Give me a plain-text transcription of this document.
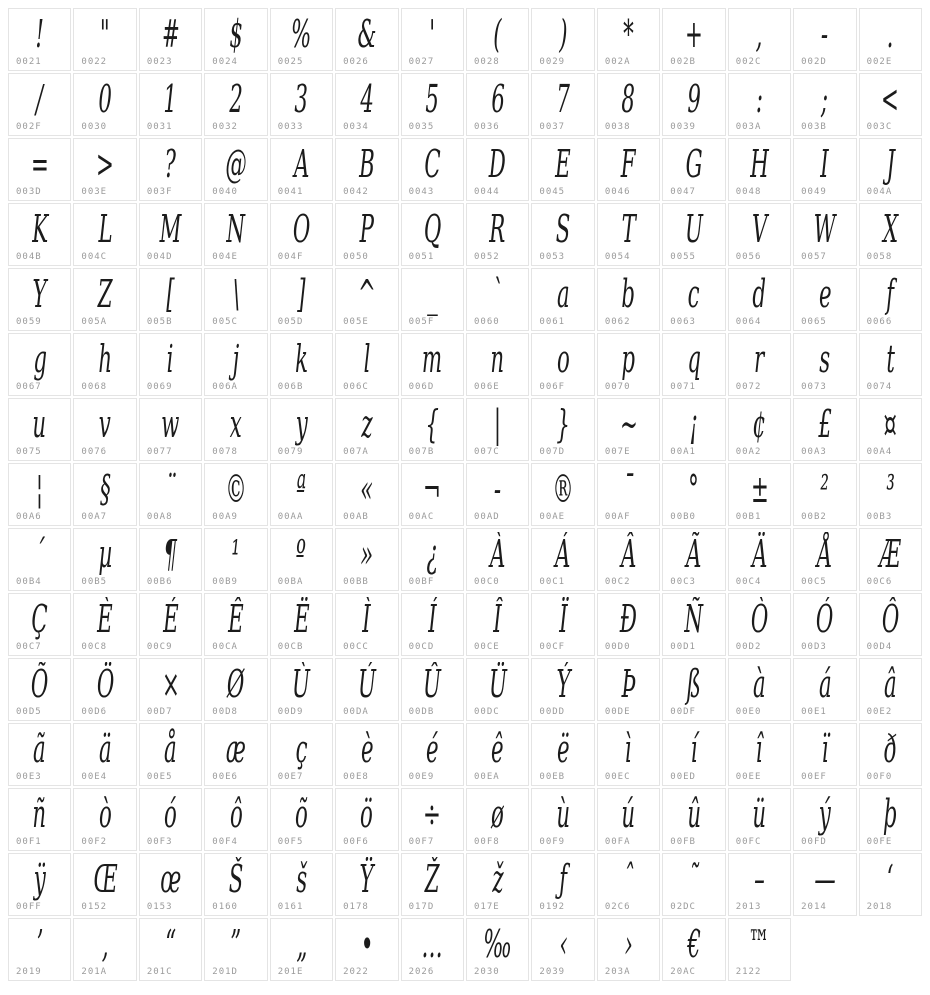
!
0021
"
0022
#
0023
$
0024
%
0025
&
0026
'
0027
(
0028
)
0029
*
002A
+
002B
,
002C
-
002D
.
002E
/
002F
0
0030
1
0031
2
0032
3
0033
4
0034
5
0035
6
0036
7
0037
8
0038
9
0039
:
003A
;
003B
<
003C
=
003D
>
003E
?
003F
@
0040
A
0041
B
0042
C
0043
D
0044
E
0045
F
0046
G
0047
H
0048
I
0049
J
004A
K
004B
L
004C
M
004D
N
004E
O
004F
P
0050
Q
0051
R
0052
S
0053
T
0054
U
0055
V
0056
W
0057
X
0058
Y
0059
Z
005A
[
005B
\
005C
]
005D
^
005E
_
005F
`
0060
a
0061
b
0062
c
0063
d
0064
e
0065
f
0066
g
0067
h
0068
i
0069
j
006A
k
006B
l
006C
m
006D
n
006E
o
006F
p
0070
q
0071
r
0072
s
0073
t
0074
u
0075
v
0076
w
0077
x
0078
y
0079
z
007A
{
007B
|
007C
}
007D
~
007E
¡
00A1
¢
00A2
£
00A3
¤
00A4
¦
00A6
§
00A7
¨
00A8
©
00A9
ª
00AA
«
00AB
¬
00AC
-
00AD
®
00AE
¯
00AF
°
00B0
±
00B1
²
00B2
³
00B3
´
00B4
µ
00B5
¶
00B6
¹
00B9
º
00BA
»
00BB
¿
00BF
À
00C0
Á
00C1
Â
00C2
Ã
00C3
Ä
00C4
Å
00C5
Æ
00C6
Ç
00C7
È
00C8
É
00C9
Ê
00CA
Ë
00CB
Ì
00CC
Í
00CD
Î
00CE
Ï
00CF
Ð
00D0
Ñ
00D1
Ò
00D2
Ó
00D3
Ô
00D4
Õ
00D5
Ö
00D6
×
00D7
Ø
00D8
Ù
00D9
Ú
00DA
Û
00DB
Ü
00DC
Ý
00DD
Þ
00DE
ß
00DF
à
00E0
á
00E1
â
00E2
ã
00E3
ä
00E4
å
00E5
æ
00E6
ç
00E7
è
00E8
é
00E9
ê
00EA
ë
00EB
ì
00EC
í
00ED
î
00EE
ï
00EF
ð
00F0
ñ
00F1
ò
00F2
ó
00F3
ô
00F4
õ
00F5
ö
00F6
÷
00F7
ø
00F8
ù
00F9
ú
00FA
û
00FB
ü
00FC
ý
00FD
þ
00FE
ÿ
00FF
Œ
0152
œ
0153
Š
0160
š
0161
Ÿ
0178
Ž
017D
ž
017E
ƒ
0192
ˆ
02C6
˜
02DC
–
2013
—
2014
‘
2018
’
2019
‚
201A
“
201C
”
201D
„
201E
•
2022
…
2026
‰
2030
‹
2039
›
203A
€
20AC
™
2122
